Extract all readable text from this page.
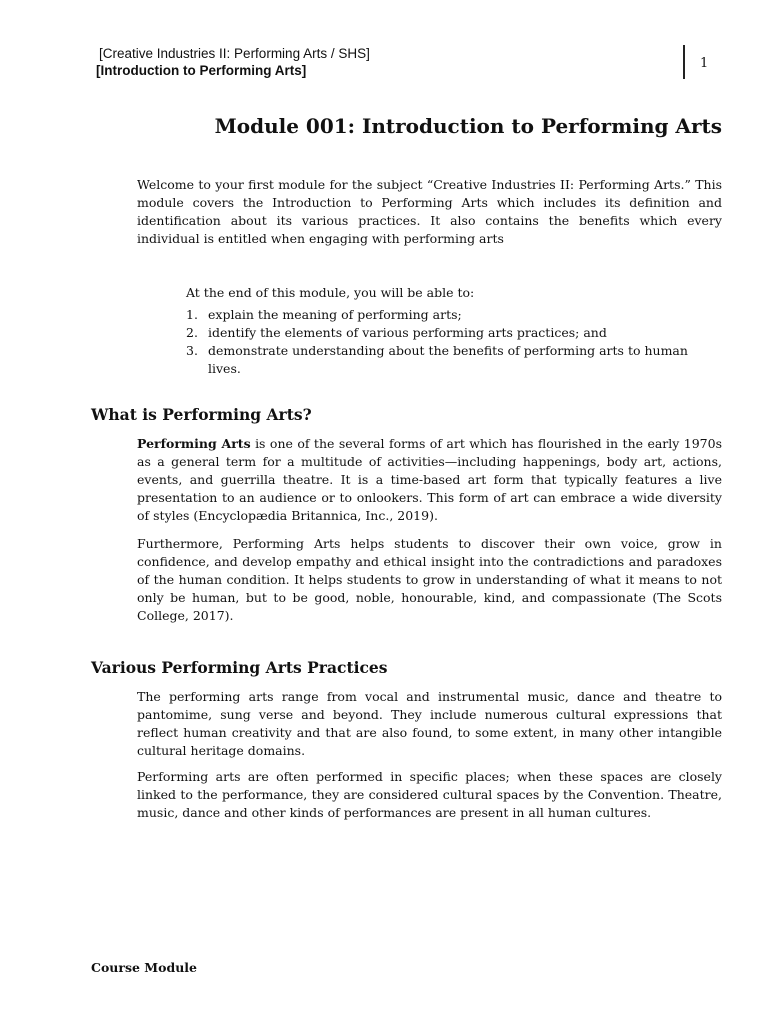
[Creative Industries II: Performing Arts / SHS]
[Introduction to Performing Arts]	1
Module 001: Introduction to Performing Arts

Welcome to your first module for the subject “Creative Industries II: Performing Arts.” This module covers the Introduction to Performing Arts which includes its definition and identification about its various practices. It also contains the benefits which every individual is entitled when engaging with performing arts

At the end of this module, you will be able to:

1. explain the meaning of performing arts;
2. identify the elements of various performing arts practices; and
3. demonstrate understanding about the benefits of performing arts to human lives.
What is Performing Arts?

Performing Arts is one of the several forms of art which has flourished in the early 1970s as a general term for a multitude of activities—including happenings, body art, actions, events, and guerrilla theatre. It is a time-based art form that typically features a live presentation to an audience or to onlookers. This form of art can embrace a wide diversity of styles (Encyclopædia Britannica, Inc., 2019).

Furthermore, Performing Arts helps students to discover their own voice, grow in confidence, and develop empathy and ethical insight into the contradictions and paradoxes of the human condition. It helps students to grow in understanding of what it means to not only be human, but to be good, noble, honourable, kind, and compassionate (The Scots College, 2017).

Various Performing Arts Practices

The performing arts range from vocal and instrumental music, dance and theatre to pantomime, sung verse and beyond. They include numerous cultural expressions that reflect human creativity and that are also found, to some extent, in many other intangible cultural heritage domains.

Performing arts are often performed in specific places; when these spaces are closely linked to the performance, they are considered cultural spaces by the Convention. Theatre, music, dance and other kinds of performances are present in all human cultures.

Course Module
